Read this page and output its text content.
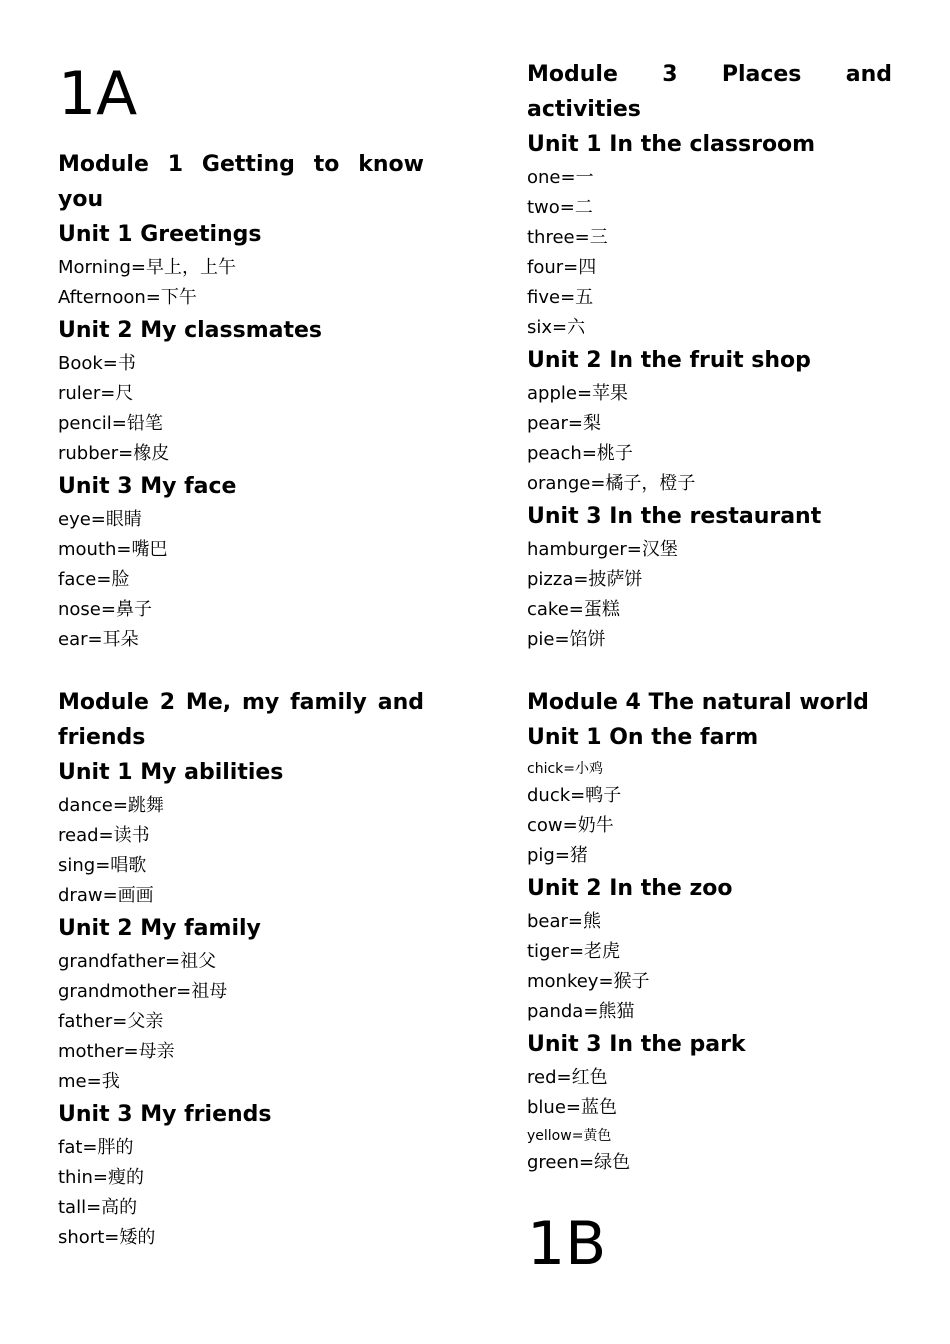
1A
Module 1 Getting to know you
Unit 1 Greetings
Morning=早上，上午
Afternoon=下午
Unit 2 My classmates
Book=书
ruler=尺
pencil=铅笔
rubber=橡皮
Unit 3 My face
eye=眼睛
mouth=嘴巴
face=脸
nose=鼻子
ear=耳朵
Module 2 Me, my family and friends
Unit 1 My abilities
dance=跳舞
read=读书
sing=唱歌
draw=画画
Unit 2 My family
grandfather=祖父
grandmother=祖母
father=父亲
mother=母亲
me=我
Unit 3 My friends
fat=胖的
thin=瘦的
tall=高的
short=矮的
Module 3 Places and activities
Unit 1 In the classroom
one=一
two=二
three=三
four=四
five=五
six=六
Unit 2 In the fruit shop
apple=苹果
pear=梨
peach=桃子
orange=橘子，橙子
Unit 3 In the restaurant
hamburger=汉堡
pizza=披萨饼
cake=蛋糕
pie=馅饼
Module 4 The natural world
Unit 1 On the farm
chick=小鸡
duck=鸭子
cow=奶牛
pig=猪
Unit 2 In the zoo
bear=熊
tiger=老虎
monkey=猴子
panda=熊猫
Unit 3 In the park
red=红色
blue=蓝色
yellow=黄色
green=绿色
1B
